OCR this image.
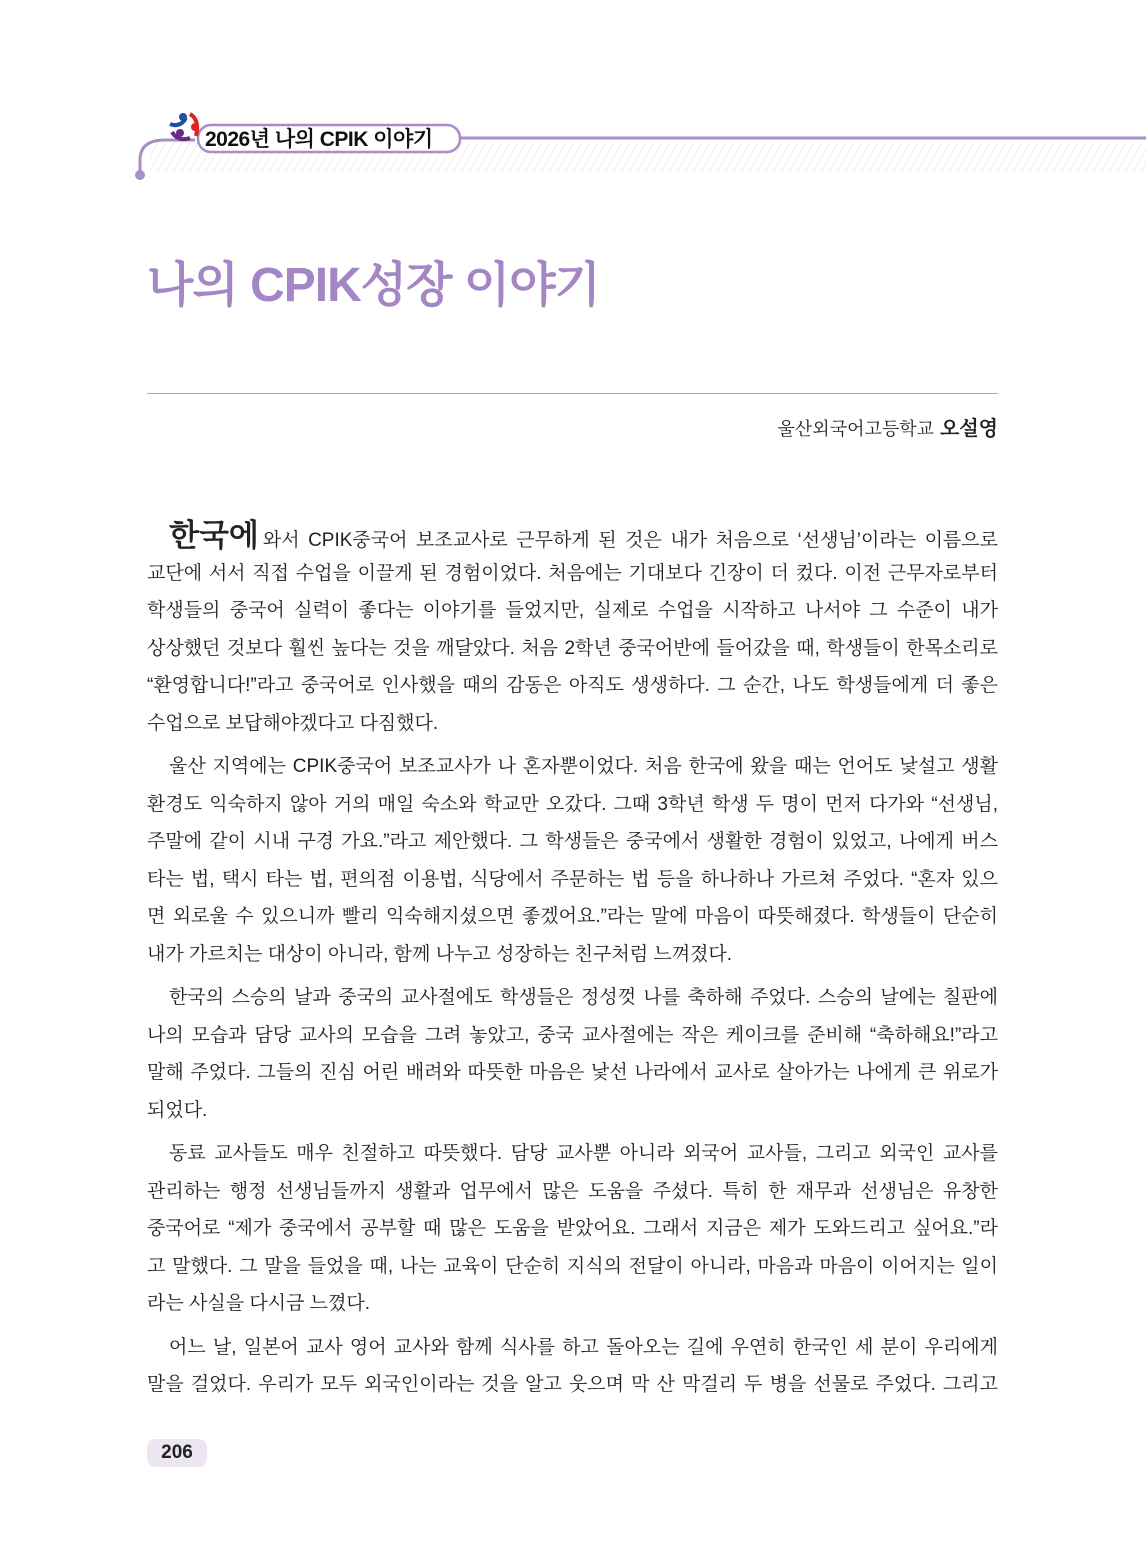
2026년 나의 CPIK 이야기
나의 CPIK성장 이야기
울산외국어고등학교 오설영
한국에 와서 CPIK중국어 보조교사로 근무하게 된 것은 내가 처음으로 ‘선생님’이라는 이름으로
교단에 서서 직접 수업을 이끌게 된 경험이었다. 처음에는 기대보다 긴장이 더 컸다. 이전 근무자로부터
학생들의 중국어 실력이 좋다는 이야기를 들었지만, 실제로 수업을 시작하고 나서야 그 수준이 내가
상상했던 것보다 훨씬 높다는 것을 깨달았다. 처음 2학년 중국어반에 들어갔을 때, 학생들이 한목소리로
“환영합니다!”라고 중국어로 인사했을 때의 감동은 아직도 생생하다. 그 순간, 나도 학생들에게 더 좋은
수업으로 보답해야겠다고 다짐했다.
울산 지역에는 CPIK중국어 보조교사가 나 혼자뿐이었다. 처음 한국에 왔을 때는 언어도 낯설고 생활
환경도 익숙하지 않아 거의 매일 숙소와 학교만 오갔다. 그때 3학년 학생 두 명이 먼저 다가와 “선생님,
주말에 같이 시내 구경 가요.”라고 제안했다. 그 학생들은 중국에서 생활한 경험이 있었고, 나에게 버스
타는 법, 택시 타는 법, 편의점 이용법, 식당에서 주문하는 법 등을 하나하나 가르쳐 주었다. “혼자 있으
면 외로울 수 있으니까 빨리 익숙해지셨으면 좋겠어요.”라는 말에 마음이 따뜻해졌다. 학생들이 단순히
내가 가르치는 대상이 아니라, 함께 나누고 성장하는 친구처럼 느껴졌다.
한국의 스승의 날과 중국의 교사절에도 학생들은 정성껏 나를 축하해 주었다. 스승의 날에는 칠판에
나의 모습과 담당 교사의 모습을 그려 놓았고, 중국 교사절에는 작은 케이크를 준비해 “축하해요!”라고
말해 주었다. 그들의 진심 어린 배려와 따뜻한 마음은 낯선 나라에서 교사로 살아가는 나에게 큰 위로가
되었다.
동료 교사들도 매우 친절하고 따뜻했다. 담당 교사뿐 아니라 외국어 교사들, 그리고 외국인 교사를
관리하는 행정 선생님들까지 생활과 업무에서 많은 도움을 주셨다. 특히 한 재무과 선생님은 유창한
중국어로 “제가 중국에서 공부할 때 많은 도움을 받았어요. 그래서 지금은 제가 도와드리고 싶어요.”라
고 말했다. 그 말을 들었을 때, 나는 교육이 단순히 지식의 전달이 아니라, 마음과 마음이 이어지는 일이
라는 사실을 다시금 느꼈다.
어느 날, 일본어 교사 영어 교사와 함께 식사를 하고 돌아오는 길에 우연히 한국인 세 분이 우리에게
말을 걸었다. 우리가 모두 외국인이라는 것을 알고 웃으며 막 산 막걸리 두 병을 선물로 주었다. 그리고
206
